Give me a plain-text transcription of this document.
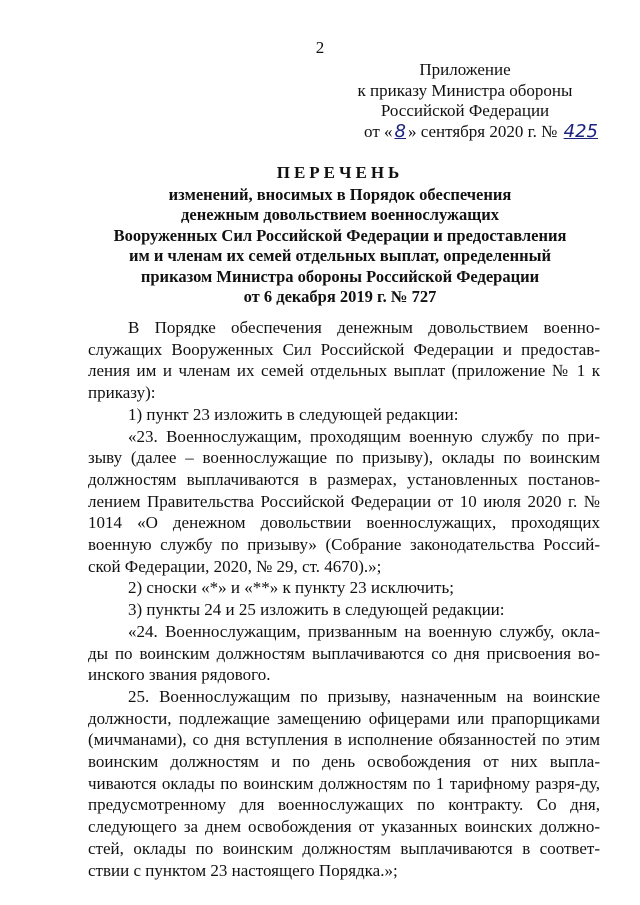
2
Приложение
к приказу Министра обороны
Российской Федерации
от « 8 » сентября 2020 г. № 425
ПЕРЕЧЕНЬ
изменений, вносимых в Порядок обеспечения
денежным довольствием военнослужащих
Вооруженных Сил Российской Федерации и предоставления
им и членам их семей отдельных выплат, определенный
приказом Министра обороны Российской Федерации
от 6 декабря 2019 г. № 727

В Порядке обеспечения денежным довольствием военно-служащих Вооруженных Сил Российской Федерации и предостав-ления им и членам их семей отдельных выплат (приложение № 1 к приказу):

1) пункт 23 изложить в следующей редакции:

«23. Военнослужащим, проходящим военную службу по при-зыву (далее – военнослужащие по призыву), оклады по воинским должностям выплачиваются в размерах, установленных постанов-лением Правительства Российской Федерации от 10 июля 2020 г. № 1014 «О денежном довольствии военнослужащих, проходящих военную службу по призыву» (Собрание законодательства Россий-ской Федерации, 2020, № 29, ст. 4670).»;

2) сноски «*» и «**» к пункту 23 исключить;

3) пункты 24 и 25 изложить в следующей редакции:

«24. Военнослужащим, призванным на военную службу, окла-ды по воинским должностям выплачиваются со дня присвоения во-инского звания рядового.

25. Военнослужащим по призыву, назначенным на воинские должности, подлежащие замещению офицерами или прапорщиками (мичманами), со дня вступления в исполнение обязанностей по этим воинским должностям и по день освобождения от них выпла-чиваются оклады по воинским должностям по 1 тарифному разря-ду, предусмотренному для военнослужащих по контракту. Со дня, следующего за днем освобождения от указанных воинских должно-стей, оклады по воинским должностям выплачиваются в соответ-ствии с пунктом 23 настоящего Порядка.»;
